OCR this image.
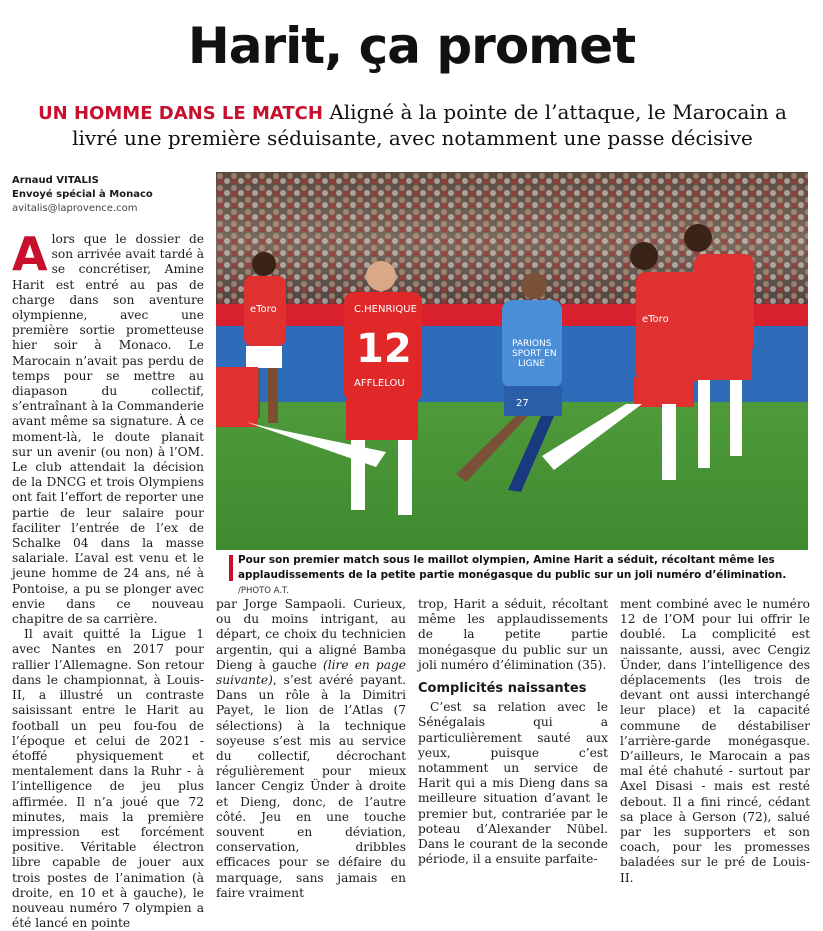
Harit, ça promet
UN HOMME DANS LE MATCH Aligné à la pointe de l’attaque, le Marocain a livré une première séduisante, avec notamment une passe décisive
Arnaud VITALIS
Envoyé spécial à Monaco
avitalis@laprovence.com
eToro	C.HENRIQUE
12
AFFLELOU
PARIONS
SPORT EN
LIGNE
27
eToro
Pour son premier match sous le maillot olympien, Amine Harit a séduit, récoltant même les applaudissements de la petite partie monégasque du public sur un joli numéro d’élimination. /PHOTO A.T.

Alors que le dossier de son arrivée avait tardé à se concrétiser, Amine Harit est entré au pas de charge dans son aventure olympienne, avec une première sortie prometteuse hier soir à Monaco. Le Marocain n’avait pas perdu de temps pour se mettre au diapason du collectif, s’entraînant à la Commanderie avant même sa signature. À ce moment-là, le doute planait sur un avenir (ou non) à l’OM. Le club attendait la décision de la DNCG et trois Olympiens ont fait l’effort de reporter une partie de leur salaire pour faciliter l’entrée de l’ex de Schalke 04 dans la masse salariale. L’aval est venu et le jeune homme de 24 ans, né à Pontoise, a pu se plonger avec envie dans ce nouveau chapitre de sa carrière.

Il avait quitté la Ligue 1 avec Nantes en 2017 pour rallier l’Allemagne. Son retour dans le championnat, à Louis-II, a illustré un contraste saisissant entre le Harit au football un peu fou-fou de l’époque et celui de 2021 - étoffé physiquement et mentalement dans la Ruhr - à l’intelligence de jeu plus affirmée. Il n’a joué que 72 minutes, mais la première impression est forcément positive. Véritable électron libre capable de jouer aux trois postes de l’animation (à droite, en 10 et à gauche), le nouveau numéro 7 olympien a été lancé en pointe

par Jorge Sampaoli. Curieux, ou du moins intrigant, au départ, ce choix du technicien argentin, qui a aligné Bamba Dieng à gauche (lire en page suivante), s’est avéré payant. Dans un rôle à la Dimitri Payet, le lion de l’Atlas (7 sélections) à la technique soyeuse s’est mis au service du collectif, décrochant régulièrement pour mieux lancer Cengiz Ünder à droite et Dieng, donc, de l’autre côté. Jeu en une touche souvent en déviation, conservation, dribbles efficaces pour se défaire du marquage, sans jamais en faire vraiment

trop, Harit a séduit, récoltant même les applaudissements de la petite partie monégasque du public sur un joli numéro d’élimination (35).

Complicités naissantes

C’est sa relation avec le Sénégalais qui a particulièrement sauté aux yeux, puisque c’est notamment un service de Harit qui a mis Dieng dans sa meilleure situation d’avant le premier but, contrariée par le poteau d’Alexander Nübel. Dans le courant de la seconde période, il a ensuite parfaite-

ment combiné avec le numéro 12 de l’OM pour lui offrir le doublé. La complicité est naissante, aussi, avec Cengiz Ünder, dans l’intelligence des déplacements (les trois de devant ont aussi interchangé leur place) et la capacité commune de déstabiliser l’arrière-garde monégasque. D’ailleurs, le Marocain a pas mal été chahuté - surtout par Axel Disasi - mais est resté debout. Il a fini rincé, cédant sa place à Gerson (72), salué par les supporters et son coach, pour les promesses baladées sur le pré de Louis-II.
